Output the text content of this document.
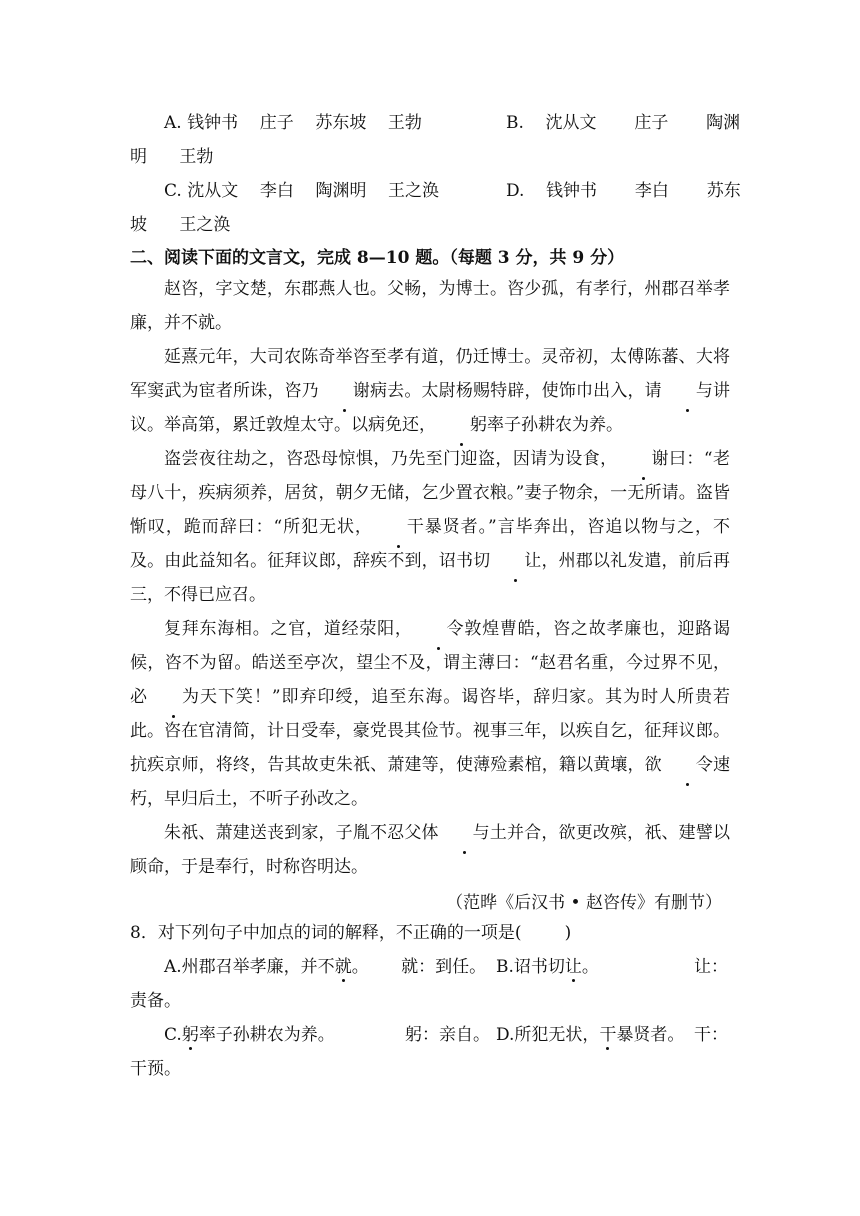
A. 钱钟书    庄子    苏东坡    王勃	B.    沈从文       庄子       陶渊
明      王勃
C. 沈从文    李白    陶渊明    王之涣	D.    钱钟书       李白       苏东
坡      王之涣
二、阅读下面的文言文，完成 8—10 题。（每题 3 分，共 9 分）
赵咨，字文楚，东郡燕人也。父畅，为博士。咨少孤，有孝行，州郡召举孝廉，并不就。
延熹元年，大司农陈奇举咨至孝有道，仍迁博士。灵帝初，太傅陈蕃、大将军窦武为宦者所诛，咨乃 谢病去。太尉杨赐特辟，使饰巾出入，请 与讲议。举高第，累迁敦煌太守。以病免还， 躬率子孙耕农为养。
盗尝夜往劫之，咨恐母惊惧，乃先至门迎盗，因请为设食， 谢曰：“老母八十，疾病须养，居贫，朝夕无储，乞少置衣粮。”妻子物余，一无所请。盗皆惭叹，跪而辞曰：“所犯无状， 干暴贤者。”言毕奔出，咨追以物与之，不及。由此益知名。征拜议郎，辞疾不到，诏书切 让，州郡以礼发遣，前后再三，不得已应召。
复拜东海相。之官，道经荥阳， 令敦煌曹皓，咨之故孝廉也，迎路谒候，咨不为留。皓送至亭次，望尘不及，谓主薄曰：“赵君名重，今过界不见，必 为天下笑！”即弃印绶，追至东海。谒咨毕，辞归家。其为时人所贵若此。 咨在官清简，计日受奉，豪党畏其俭节。视事三年，以疾自乞，征拜议郎。抗疾京师，将终，告其故吏朱祇、萧建等，使薄殓素棺，籍以黄壤，欲 令速朽，早归后土，不听子孙改之。
朱祇、萧建送丧到家，子胤不忍父体 与土并合，欲更改殡，祇、建譬以顾命，于是奉行，时称咨明达。
（范晔《后汉书 • 赵咨传》有删节）
8．对下列句子中加点的词的解释，不正确的一项是(        )
A.州郡召举孝廉，并不就。      就：到任。 B.诏书切让。	让：
责备。
C.躬率子孙耕农为养。             躬：亲自。 D.所犯无状，干暴贤者。 干：
干预。
